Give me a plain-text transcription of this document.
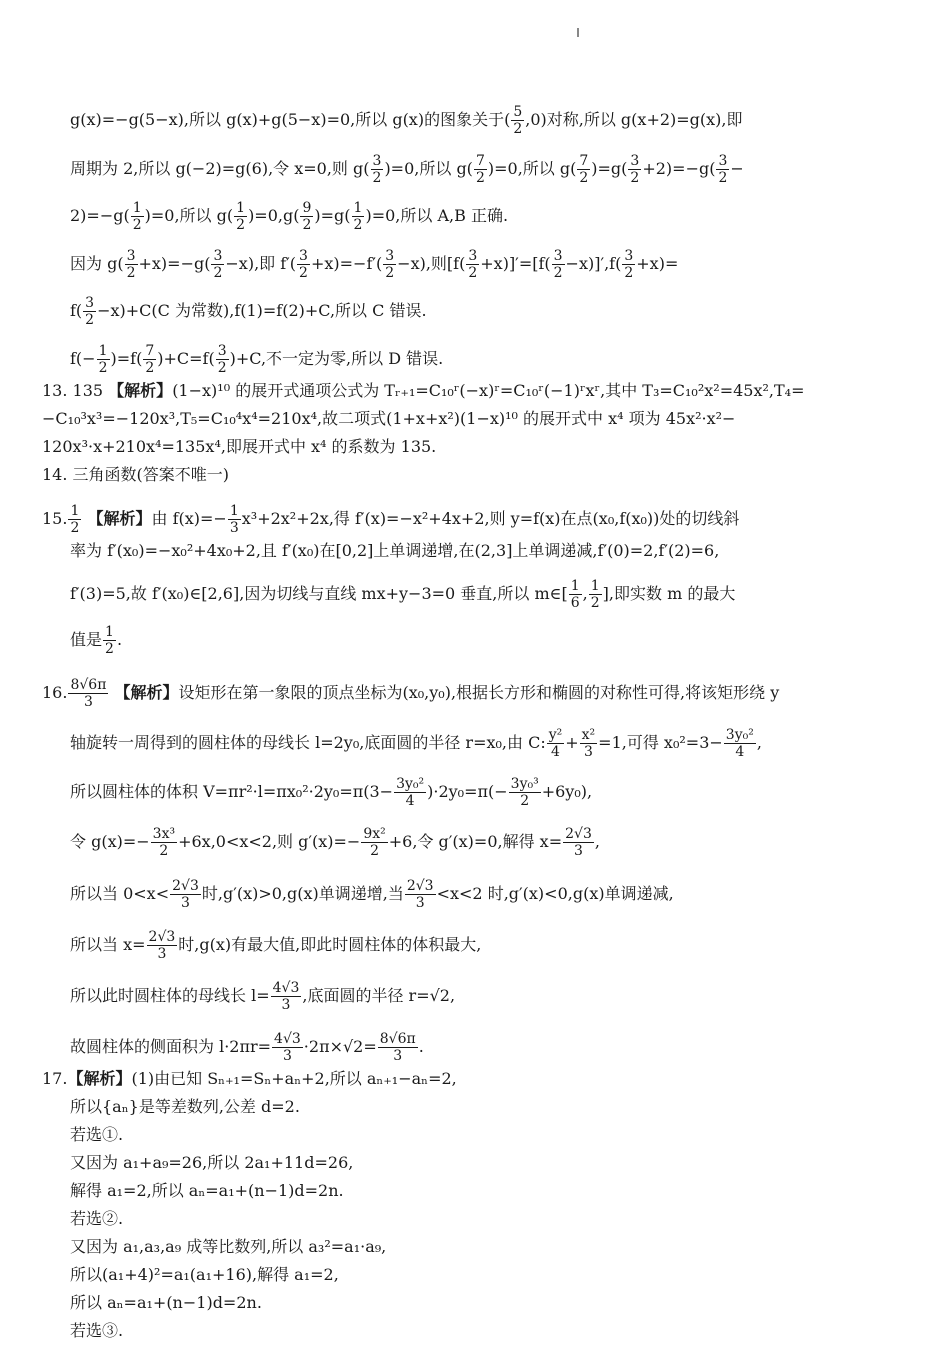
g(x)=−g(5−x),所以 g(x)+g(5−x)=0,所以 g(x)的图象关于( $\frac{5}{2} ,0$)对称,所以 g(x+2)=g(x),即
周期为 2,所以 g(−2)=g(6),令 x=0,则 $g( \frac{3}{2} )=0$,所以 $g( \frac{7}{2} )=0$,所以 $g( \frac{7}{2} )=g( \frac{3}{2} +2)=-g( \frac{3}{2}$ −
$2)=-g( \frac{1}{2} )=0$,所以 $g( \frac{1}{2} )=0,g( \frac{9}{2} )=g( \frac{1}{2} )=0$,所以 A,B 正确.
因为 $g( \frac{3}{2} +x)=-g( \frac{3}{2} -x)$,即 $f'( \frac{3}{2} +x)=-f'( \frac{3}{2} -x)$,则$[f( \frac{3}{2} +x)]'=[f( \frac{3}{2} -x)]',f( \frac{3}{2} +x)=$
$f( \frac{3}{2} -x)+C(C$ 为常数),f(1)=f(2)+C,所以 C 错误.
$f(- \frac{1}{2} )=f( \frac{7}{2} )+C=f( \frac{3}{2} )+C$,不一定为零,所以 D 错误.
13. 135 【解析】(1−x)¹⁰ 的展开式通项公式为 Tᵣ₊₁=C₁₀ʳ(−x)ʳ=C₁₀ʳ(−1)ʳxʳ,其中 T₃=C₁₀²x²=45x²,T₄=
−C₁₀³x³=−120x³,T₅=C₁₀⁴x⁴=210x⁴,故二项式(1+x+x²)(1−x)¹⁰ 的展开式中 x⁴ 项为 45x²·x²−
120x³·x+210x⁴=135x⁴,即展开式中 x⁴ 的系数为 135.
14. 三角函数(答案不唯一)
15. $\frac{1}{2}$ 【解析】由 $f(x)=- \frac{1}{3} x^3+2x^2+2x$,得 f′(x)=−x²+4x+2,则 y=f(x)在点(x₀,f(x₀))处的切线斜
率为 f′(x₀)=−x₀²+4x₀+2,且 f′(x₀)在[0,2]上单调递增,在(2,3]上单调递减,f′(0)=2,f′(2)=6,
f′(3)=5,故 f′(x₀)∈[2,6],因为切线与直线 mx+y−3=0 垂直,所以 m∈[ $\frac{1}{6}$ , $\frac{1}{2}$ ],即实数 m 的最大
值是 $\frac{1}{2}$ .
16. $\frac{8√6\pi}{3}$ 【解析】设矩形在第一象限的顶点坐标为(x₀,y₀),根据长方形和椭圆的对称性可得,将该矩形绕 y
轴旋转一周得到的圆柱体的母线长 l=2y₀,底面圆的半径 r=x₀,由 C: $\frac{\text{y²}}{4} + \frac{\text{x²}}{3} =1$,可得 $x_0^2=3- \frac{\text{3y₀²}}{4}$ ,
所以圆柱体的体积 $V=\pi r^2\cdot l=\pi x_0^2\cdot 2y_0=\pi(3- \frac{\text{3y₀²}}{4} )\cdot 2y_0=\pi(- \frac{\text{3y₀³}}{2} +6y_0)$,
令 $g(x)=- \frac{\text{3x³}}{2} +6x,0<x<2$,则 $g'(x)=- \frac{\text{9x²}}{2} +6$,令 g′(x)=0,解得 $x= \frac{2√3}{3}$ ,
所以当 $0<x< \frac{2√3}{3}$ 时,g′(x)>0,g(x)单调递增,当 $\frac{2√3}{3} <x<2$ 时,g′(x)<0,g(x)单调递减,
所以当 $x= \frac{2√3}{3}$ 时,g(x)有最大值,即此时圆柱体的体积最大,
所以此时圆柱体的母线长 $l= \frac{4√3}{3}$ ,底面圆的半径 r=√2,
故圆柱体的侧面积为 $l\cdot 2\pi r= \frac{4√3}{3} \cdot 2\pi\times√2= \frac{8√6\pi}{3}$ .
17.【解析】(1)由已知 Sₙ₊₁=Sₙ+aₙ+2,所以 aₙ₊₁−aₙ=2,
所以{aₙ}是等差数列,公差 d=2.
若选①.
又因为 a₁+a₉=26,所以 2a₁+11d=26,
解得 a₁=2,所以 aₙ=a₁+(n−1)d=2n.
若选②.
又因为 a₁,a₃,a₉ 成等比数列,所以 a₃²=a₁·a₉,
所以(a₁+4)²=a₁(a₁+16),解得 a₁=2,
所以 aₙ=a₁+(n−1)d=2n.
若选③.
